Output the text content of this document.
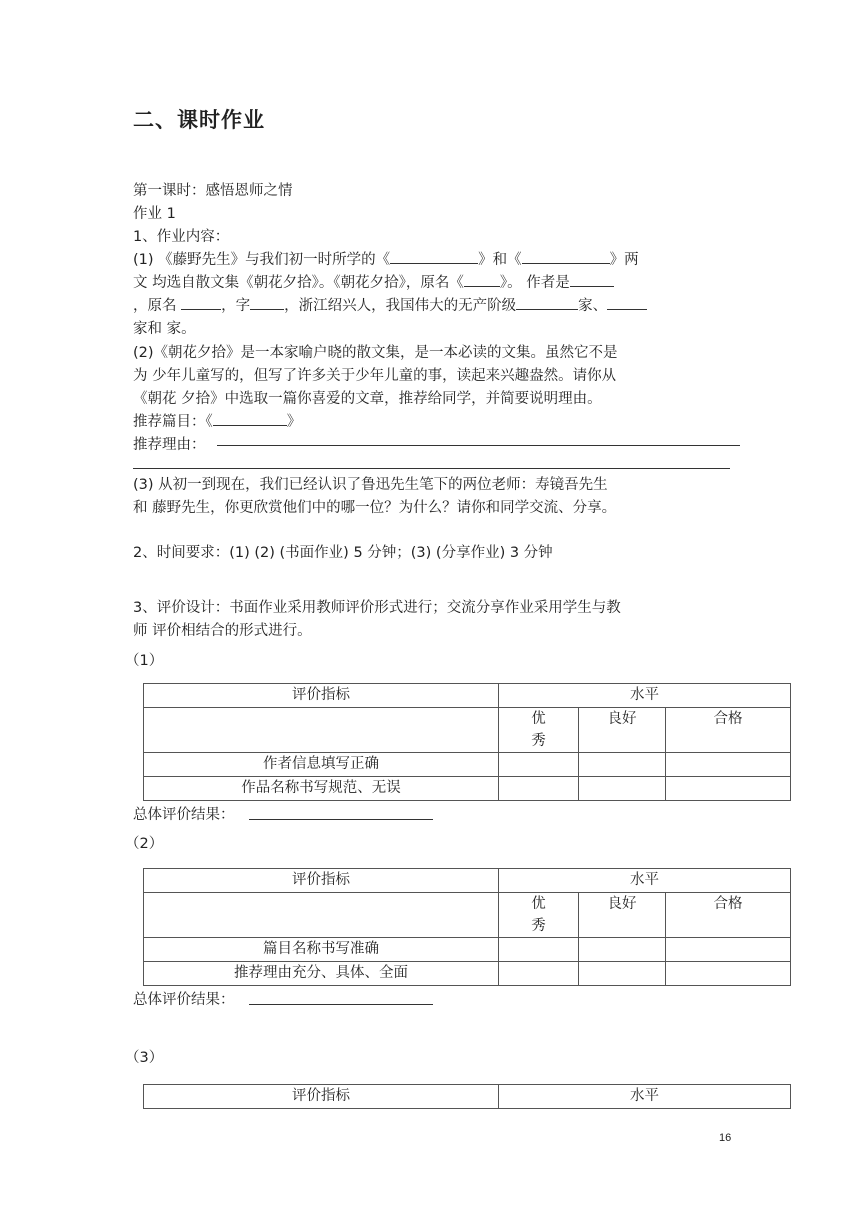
二、课时作业
第一课时：感悟恩师之情
作业 1
1、作业内容：
(1) 《藤野先生》与我们初一时所学的《	》和《	》两
文 均选自散文集《朝花夕拾》。《朝花夕拾》，原名《 》。 作者是
，原名	，字 ，浙江绍兴人，我国伟大的无产阶级	家、
家和 家。
(2)《朝花夕拾》是一本家喻户晓的散文集，是一本必读的文集。虽然它不是
为 少年儿童写的，但写了许多关于少年儿童的事，读起来兴趣盎然。请你从
《朝花 夕拾》中选取一篇你喜爱的文章，推荐给同学，并简要说明理由。
推荐篇目：《	》
推荐理由：
(3) 从初一到现在，我们已经认识了鲁迅先生笔下的两位老师：寿镜吾先生
和 藤野先生，你更欣赏他们中的哪一位？为什么？请你和同学交流、分享。
2、时间要求：(1) (2) (书面作业) 5 分钟；(3) (分享作业) 3 分钟
3、评价设计：书面作业采用教师评价形式进行；交流分享作业采用学生与教
师 评价相结合的形式进行。
（1）
评价指标	水平		
	优秀	良好	合格
作者信息填写正确			
作品名称书写规范、无误			
总体评价结果：
（2）
评价指标	水平		
	优秀	良好	合格
篇目名称书写准确			
推荐理由充分、具体、全面			
总体评价结果：
（3）
评价指标	水平
16
